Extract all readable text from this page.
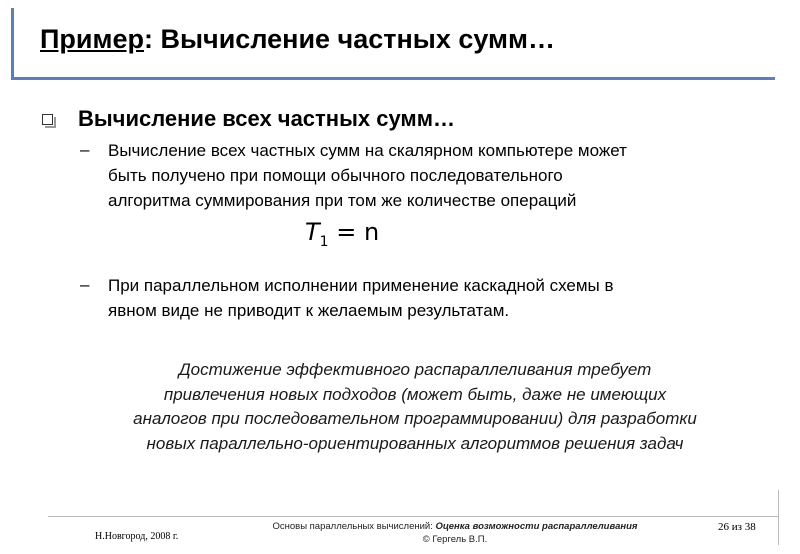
Пример: Вычисление частных сумм…
Вычисление всех частных сумм…
– Вычисление всех частных сумм на скалярном компьютере может
быть получено при помощи обычного последовательного
алгоритма суммирования при том же количестве операций
$T_1 = n$
– При параллельном исполнении применение каскадной схемы в
явном виде не приводит к желаемым результатам.
Достижение эффективного распараллеливания требует
привлечения новых подходов (может быть, даже не имеющих
аналогов при последовательном программировании) для разработки
новых параллельно-ориентированных алгоритмов решения задач
Н.Новгород, 2008 г.
Основы параллельных вычислений: Оценка возможности распараллеливания
© Гергель В.П.
26 из 38
